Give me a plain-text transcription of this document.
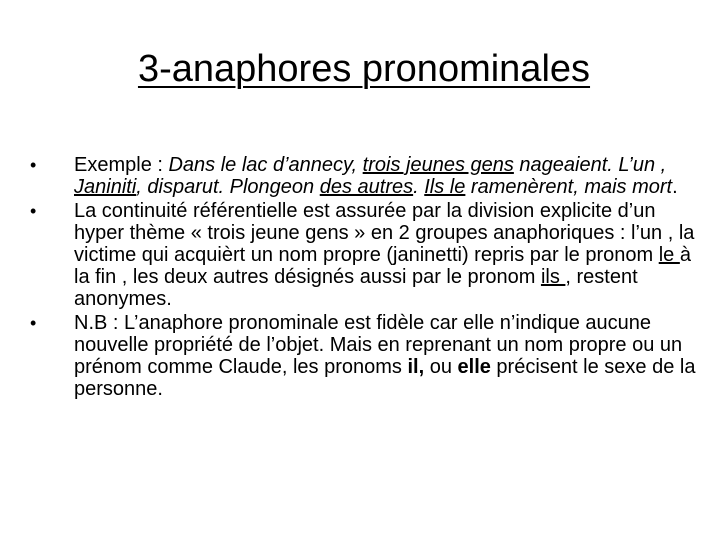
3-anaphores pronominales
•	Exemple : Dans le lac d’annecy, trois jeunes gens nageaient. L’un , Janiniti, disparut. Plongeon des autres. Ils le ramenèrent, mais mort.
•	La continuité référentielle est assurée par la division explicite d’un hyper thème « trois jeune gens » en 2 groupes anaphoriques : l’un , la victime qui acquièrt un nom propre (janinetti) repris par le pronom le à la fin , les deux autres désignés aussi par le pronom ils , restent anonymes.
•	N.B : L’anaphore pronominale est fidèle car elle n’indique aucune nouvelle propriété de l’objet. Mais en reprenant un nom propre ou un prénom comme Claude, les pronoms il, ou elle précisent le sexe de la personne.
